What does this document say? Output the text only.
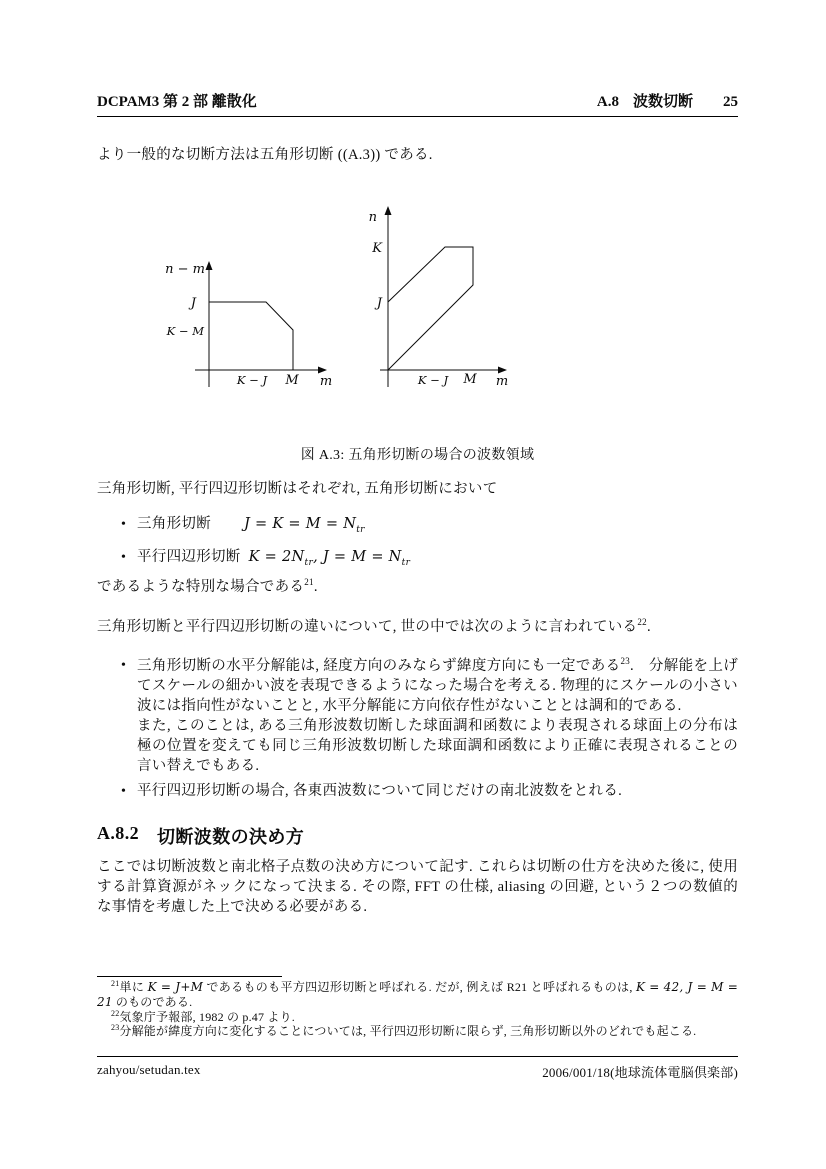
DCPAM3 第 2 部 離散化	A.8 波数切断 25
より一般的な切断方法は五角形切断 ((A.3)) である.
n − m
J
K − M
K − J M m
n
K
J
K − J M m
図 A.3: 五角形切断の場合の波数領域
三角形切断, 平行四辺形切断はそれぞれ, 五角形切断において
• 三角形切断 $J = K = M = N_{tr}$
• 平行四辺形切断 $K = 2N_{tr}$, $J = M = N_{tr}$
であるような特別な場合である$^{21}$.
三角形切断と平行四辺形切断の違いについて, 世の中では次のように言われている$^{22}$.
• 三角形切断の水平分解能は, 経度方向のみならず緯度方向にも一定である$^{23}$.　分解能を上げてスケールの細かい波を表現できるようになった場合を考える. 物理的にスケールの小さい波には指向性がないことと, 水平分解能に方向依存性がないこととは調和的である.
また, このことは, ある三角形波数切断した球面調和函数により表現される球面上の分布は極の位置を変えても同じ三角形波数切断した球面調和函数により正確に表現されることの言い替えでもある.
• 平行四辺形切断の場合, 各東西波数について同じだけの南北波数をとれる.
A.8.2 切断波数の決め方
ここでは切断波数と南北格子点数の決め方について記す. これらは切断の仕方を決めた後に, 使用する計算資源がネックになって決まる. その際, FFT の仕様, aliasing の回避, という２つの数値的な事情を考慮した上で決める必要がある.
$^{21}$単に K = J+M であるものも平方四辺形切断と呼ばれる. だが, 例えば R21 と呼ばれるものは, K = 42, J = M = 21 のものである.
$^{22}$気象庁予報部, 1982 の p.47 より.
$^{23}$分解能が緯度方向に変化することについては, 平行四辺形切断に限らず, 三角形切断以外のどれでも起こる.
zahyou/setudan.tex	2006/001/18(地球流体電脳倶楽部)
